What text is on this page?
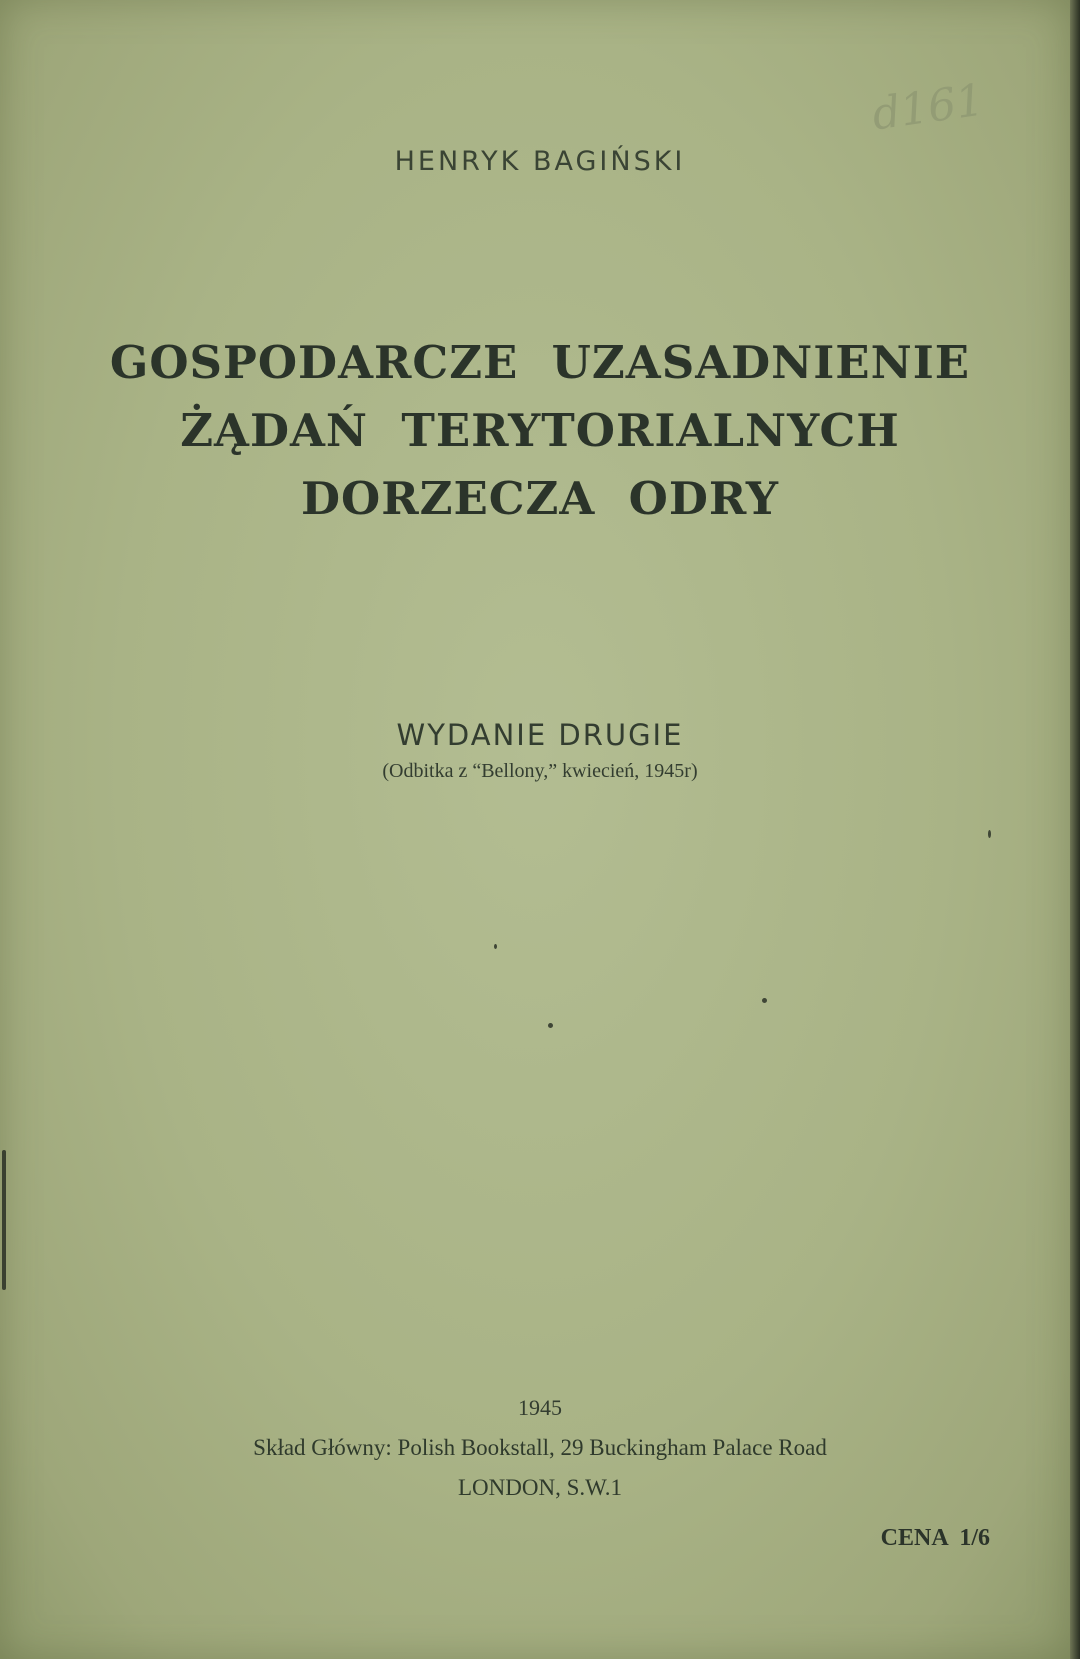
d161

HENRYK BAGIŃSKI

GOSPODARCZE  UZASADNIENIE

ŻĄDAŃ  TERYTORIALNYCH

DORZECZA  ODRY

WYDANIE DRUGIE

(Odbitka z “Bellony,” kwiecień, 1945r)

1945

Skład Główny: Polish Bookstall, 29 Buckingham Palace Road

LONDON, S.W.1

CENA  1/6
